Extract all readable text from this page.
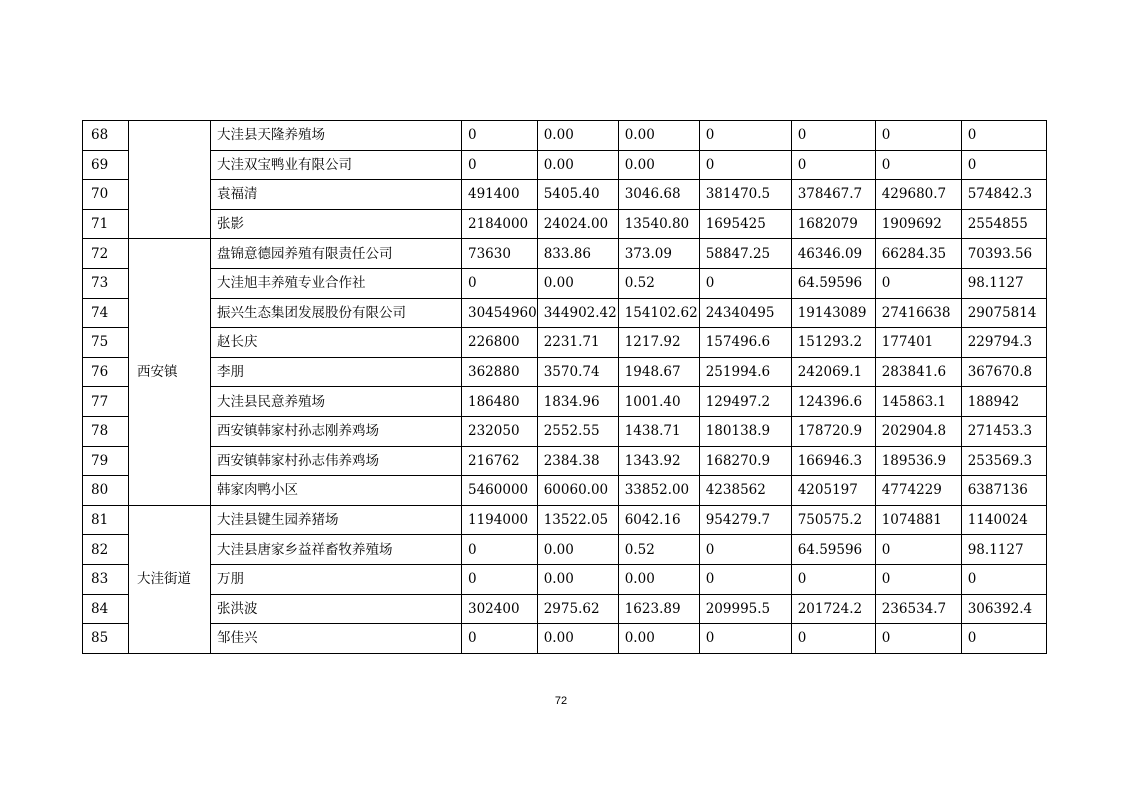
68		大洼县天隆养殖场	0	0.00	0.00	0	0	0	0
69		大洼双宝鸭业有限公司	0	0.00	0.00	0	0	0	0
70		袁福清	491400	5405.40	3046.68	381470.5	378467.7	429680.7	574842.3
71		张影	2184000	24024.00	13540.80	1695425	1682079	1909692	2554855
72	西安镇	盘锦意德园养殖有限责任公司	73630	833.86	373.09	58847.25	46346.09	66284.35	70393.56
73		大洼旭丰养殖专业合作社	0	0.00	0.52	0	64.59596	0	98.1127
74		振兴生态集团发展股份有限公司	30454960	344902.42	154102.62	24340495	19143089	27416638	29075814
75		赵长庆	226800	2231.71	1217.92	157496.6	151293.2	177401	229794.3
76		李朋	362880	3570.74	1948.67	251994.6	242069.1	283841.6	367670.8
77		大洼县民意养殖场	186480	1834.96	1001.40	129497.2	124396.6	145863.1	188942
78		西安镇韩家村孙志刚养鸡场	232050	2552.55	1438.71	180138.9	178720.9	202904.8	271453.3
79		西安镇韩家村孙志伟养鸡场	216762	2384.38	1343.92	168270.9	166946.3	189536.9	253569.3
80		韩家肉鸭小区	5460000	60060.00	33852.00	4238562	4205197	4774229	6387136
81	大洼街道	大洼县键生园养猪场	1194000	13522.05	6042.16	954279.7	750575.2	1074881	1140024
82		大洼县唐家乡益祥畜牧养殖场	0	0.00	0.52	0	64.59596	0	98.1127
83		万朋	0	0.00	0.00	0	0	0	0
84		张洪波	302400	2975.62	1623.89	209995.5	201724.2	236534.7	306392.4
85		邹佳兴	0	0.00	0.00	0	0	0	0
72
